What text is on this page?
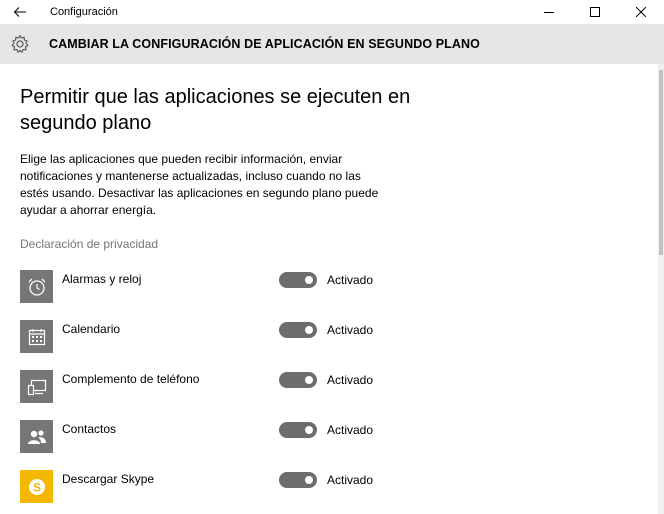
Configuración
CAMBIAR LA CONFIGURACIÓN DE APLICACIÓN EN SEGUNDO PLANO
Permitir que las aplicaciones se ejecuten en segundo plano

Elige las aplicaciones que pueden recibir información, enviar notificaciones y mantenerse actualizadas, incluso cuando no las estés usando. Desactivar las aplicaciones en segundo plano puede ayudar a ahorrar energía.

Declaración de privacidad
Alarmas y reloj	Activado
Calendario	Activado
Complemento de teléfono	Activado
Contactos	Activado
S
Descargar Skype	Activado
